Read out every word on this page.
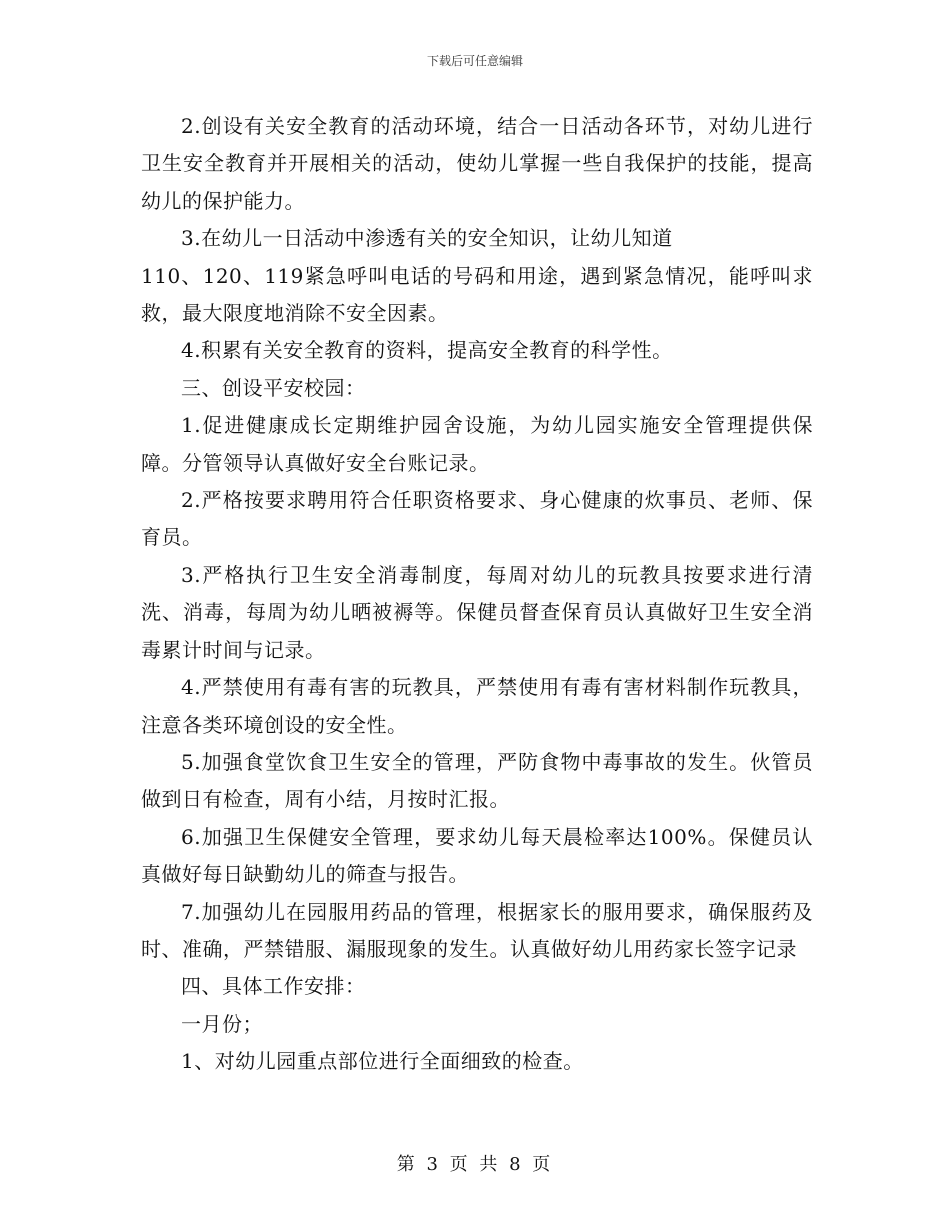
下载后可任意编辑

2.创设有关安全教育的活动环境，结合一日活动各环节，对幼儿进行卫生安全教育并开展相关的活动，使幼儿掌握一些自我保护的技能，提高幼儿的保护能力。

3.在幼儿一日活动中渗透有关的安全知识，让幼儿知道

110、120、119紧急呼叫电话的号码和用途，遇到紧急情况，能呼叫求救，最大限度地消除不安全因素。

4.积累有关安全教育的资料，提高安全教育的科学性。

三、创设平安校园：

1.促进健康成长定期维护园舍设施，为幼儿园实施安全管理提供保障。分管领导认真做好安全台账记录。

2.严格按要求聘用符合任职资格要求、身心健康的炊事员、老师、保育员。

3.严格执行卫生安全消毒制度，每周对幼儿的玩教具按要求进行清洗、消毒，每周为幼儿晒被褥等。保健员督查保育员认真做好卫生安全消毒累计时间与记录。

4.严禁使用有毒有害的玩教具，严禁使用有毒有害材料制作玩教具，注意各类环境创设的安全性。

5.加强食堂饮食卫生安全的管理，严防食物中毒事故的发生。伙管员做到日有检查，周有小结，月按时汇报。

6.加强卫生保健安全管理，要求幼儿每天晨检率达100%。保健员认真做好每日缺勤幼儿的筛查与报告。

7.加强幼儿在园服用药品的管理，根据家长的服用要求，确保服药及时、准确，严禁错服、漏服现象的发生。认真做好幼儿用药家长签字记录

四、具体工作安排：

一月份；

1、对幼儿园重点部位进行全面细致的检查。

第 3 页 共 8 页
